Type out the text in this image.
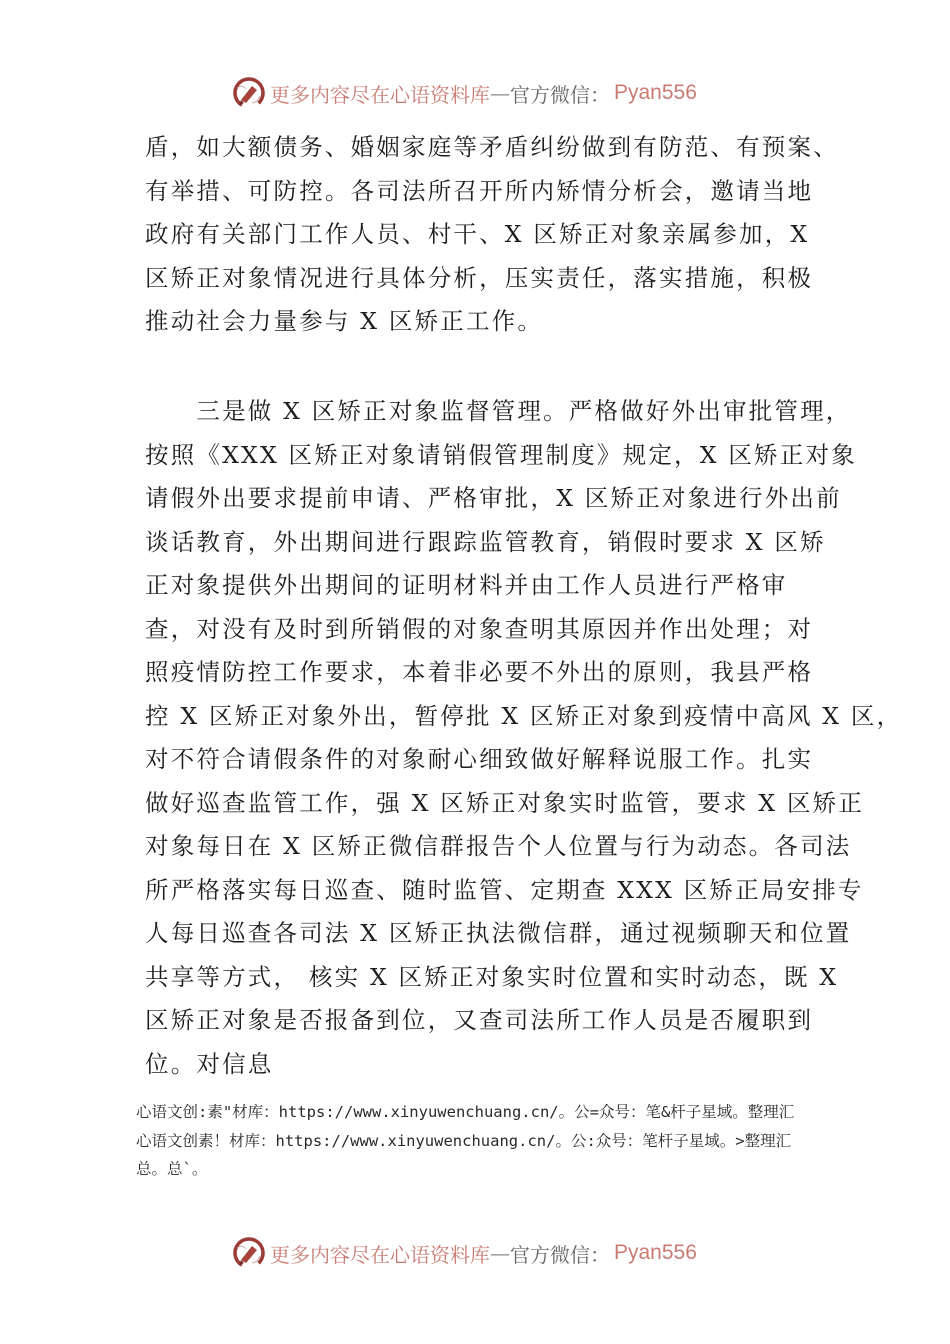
更多内容尽在心语资料库 — 官方微信： Pyan556
盾，如大额债务、婚姻家庭等矛盾纠纷做到有防范、有预案、
有举措、可防控。各司法所召开所内矫情分析会，邀请当地
政府有关部门工作人员、村干、X 区矫正对象亲属参加，X
区矫正对象情况进行具体分析，压实责任，落实措施，积极
推动社会力量参与 X 区矫正工作。
　　三是做 X 区矫正对象监督管理。严格做好外出审批管理，
按照《XXX 区矫正对象请销假管理制度》规定，X 区矫正对象
请假外出要求提前申请、严格审批，X 区矫正对象进行外出前
谈话教育，外出期间进行跟踪监管教育，销假时要求 X 区矫
正对象提供外出期间的证明材料并由工作人员进行严格审
查，对没有及时到所销假的对象查明其原因并作出处理；对
照疫情防控工作要求，本着非必要不外出的原则，我县严格
控 X 区矫正对象外出，暂停批 X 区矫正对象到疫情中高风 X 区，
对不符合请假条件的对象耐心细致做好解释说服工作。扎实
做好巡查监管工作，强 X 区矫正对象实时监管，要求 X 区矫正
对象每日在 X 区矫正微信群报告个人位置与行为动态。各司法
所严格落实每日巡查、随时监管、定期查 XXX 区矫正局安排专
人每日巡查各司法 X 区矫正执法微信群，通过视频聊天和位置
共享等方式， 核实 X 区矫正对象实时位置和实时动态，既 X
区矫正对象是否报备到位，又查司法所工作人员是否履职到
位。对信息
心语文创:素"材库：https://www.xinyuwenchuang.cn/。公=众号：笔&杆子星域。整理汇
心语文创素！材库：https://www.xinyuwenchuang.cn/。公:众号：笔杆子星域。>整理汇
总。总`。
更多内容尽在心语资料库 — 官方微信： Pyan556
